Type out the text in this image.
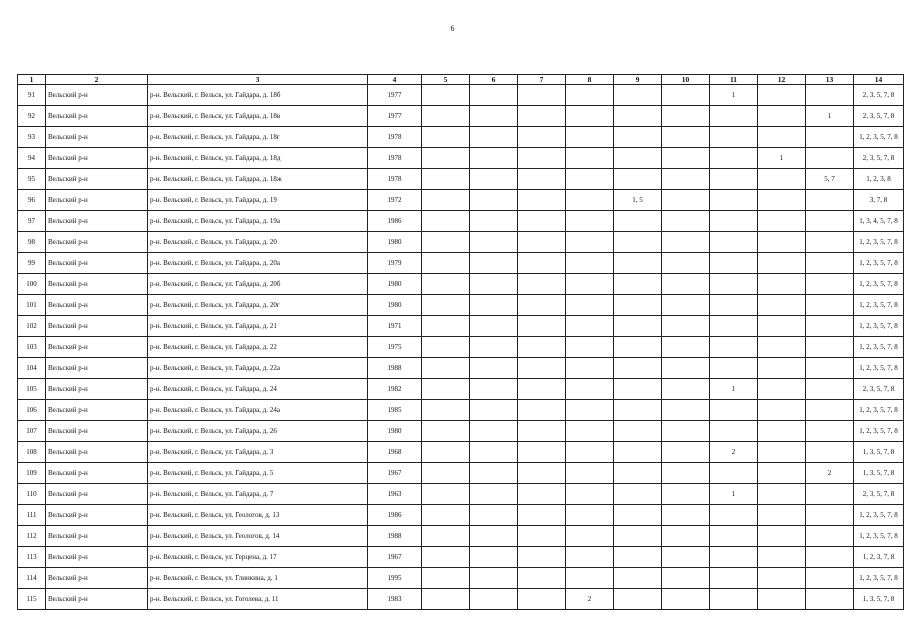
6
1	2	3	4	5	6	7	8	9	10	11	12	13	14
91	Вельский р-н	р-н. Вельский, г. Вельск, ул. Гайдара, д. 18б	1977							1			2, 3, 5, 7, 8
92	Вельский р-н	р-н. Вельский, г. Вельск, ул. Гайдара, д. 18в	1977									1	2, 3, 5, 7, 8
93	Вельский р-н	р-н. Вельский, г. Вельск, ул. Гайдара, д. 18г	1978										1, 2, 3, 5, 7, 8
94	Вельский р-н	р-н. Вельский, г. Вельск, ул. Гайдара, д. 18д	1978								1		2, 3, 5, 7, 8
95	Вельский р-н	р-н. Вельский, г. Вельск, ул. Гайдара, д. 18ж	1978									5, 7	1, 2, 3, 8
96	Вельский р-н	р-н. Вельский, г. Вельск, ул. Гайдара, д. 19	1972					1, 5					3, 7, 8
97	Вельский р-н	р-н. Вельский, г. Вельск, ул. Гайдара, д. 19а	1986										1, 3, 4, 5, 7, 8
98	Вельский р-н	р-н. Вельский, г. Вельск, ул. Гайдара, д. 20	1980										1, 2, 3, 5, 7, 8
99	Вельский р-н	р-н. Вельский, г. Вельск, ул. Гайдара, д. 20а	1979										1, 2, 3, 5, 7, 8
100	Вельский р-н	р-н. Вельский, г. Вельск, ул. Гайдара, д. 20б	1980										1, 2, 3, 5, 7, 8
101	Вельский р-н	р-н. Вельский, г. Вельск, ул. Гайдара, д. 20г	1980										1, 2, 3, 5, 7, 8
102	Вельский р-н	р-н. Вельский, г. Вельск, ул. Гайдара, д. 21	1971										1, 2, 3, 5, 7, 8
103	Вельский р-н	р-н. Вельский, г. Вельск, ул. Гайдара, д. 22	1975										1, 2, 3, 5, 7, 8
104	Вельский р-н	р-н. Вельский, г. Вельск, ул. Гайдара, д. 22а	1988										1, 2, 3, 5, 7, 8
105	Вельский р-н	р-н. Вельский, г. Вельск, ул. Гайдара, д. 24	1982							1			2, 3, 5, 7, 8
106	Вельский р-н	р-н. Вельский, г. Вельск, ул. Гайдара, д. 24а	1985										1, 2, 3, 5, 7, 8
107	Вельский р-н	р-н. Вельский, г. Вельск, ул. Гайдара, д. 26	1980										1, 2, 3, 5, 7, 8
108	Вельский р-н	р-н. Вельский, г. Вельск, ул. Гайдара, д. 3	1968							2			1, 3, 5, 7, 8
109	Вельский р-н	р-н. Вельский, г. Вельск, ул. Гайдара, д. 5	1967									2	1, 3, 5, 7, 8
110	Вельский р-н	р-н. Вельский, г. Вельск, ул. Гайдара, д. 7	1963							1			2, 3, 5, 7, 8
111	Вельский р-н	р-н. Вельский, г. Вельск, ул. Геологов, д. 13	1986										1, 2, 3, 5, 7, 8
112	Вельский р-н	р-н. Вельский, г. Вельск, ул. Геологов, д. 14	1988										1, 2, 3, 5, 7, 8
113	Вельский р-н	р-н. Вельский, г. Вельск, ул. Герцена, д. 17	1967										1, 2, 3, 7, 8
114	Вельский р-н	р-н. Вельский, г. Вельск, ул. Глинкина, д. 1	1995										1, 2, 3, 5, 7, 8
115	Вельский р-н	р-н. Вельский, г. Вельск, ул. Гоголева, д. 11	1983				2						1, 3, 5, 7, 8
